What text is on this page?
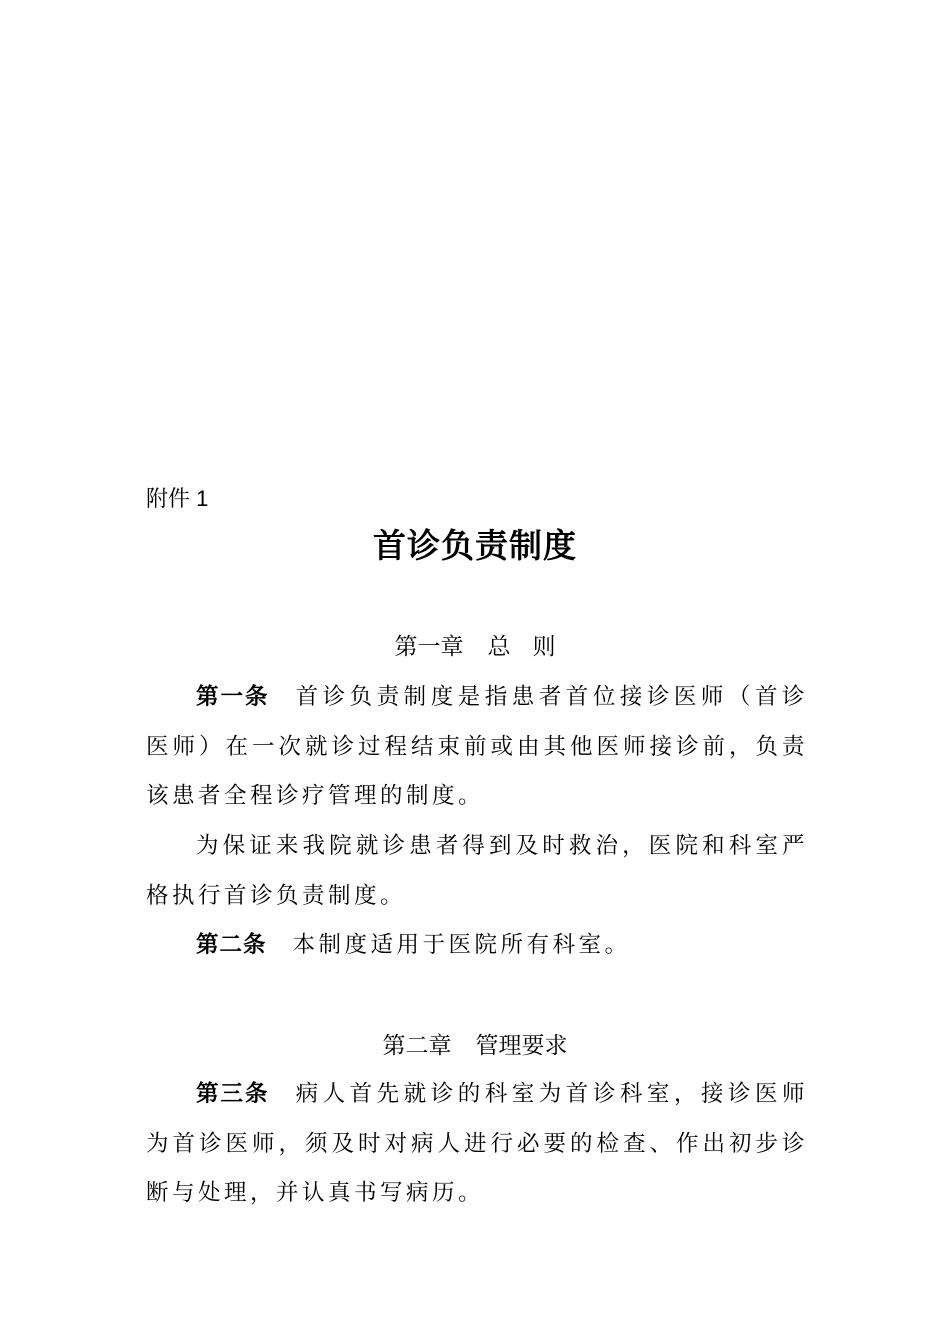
附件 1
首诊负责制度
第一章 总 则
第一条 首诊负责制度是指患者首位接诊医师（首诊医师）在一次就诊过程结束前或由其他医师接诊前，负责该患者全程诊疗管理的制度。
为保证来我院就诊患者得到及时救治，医院和科室严格执行首诊负责制度。
第二条 本制度适用于医院所有科室。
第二章 管理要求
第三条 病人首先就诊的科室为首诊科室，接诊医师为首诊医师，须及时对病人进行必要的检查、作出初步诊断与处理，并认真书写病历。
